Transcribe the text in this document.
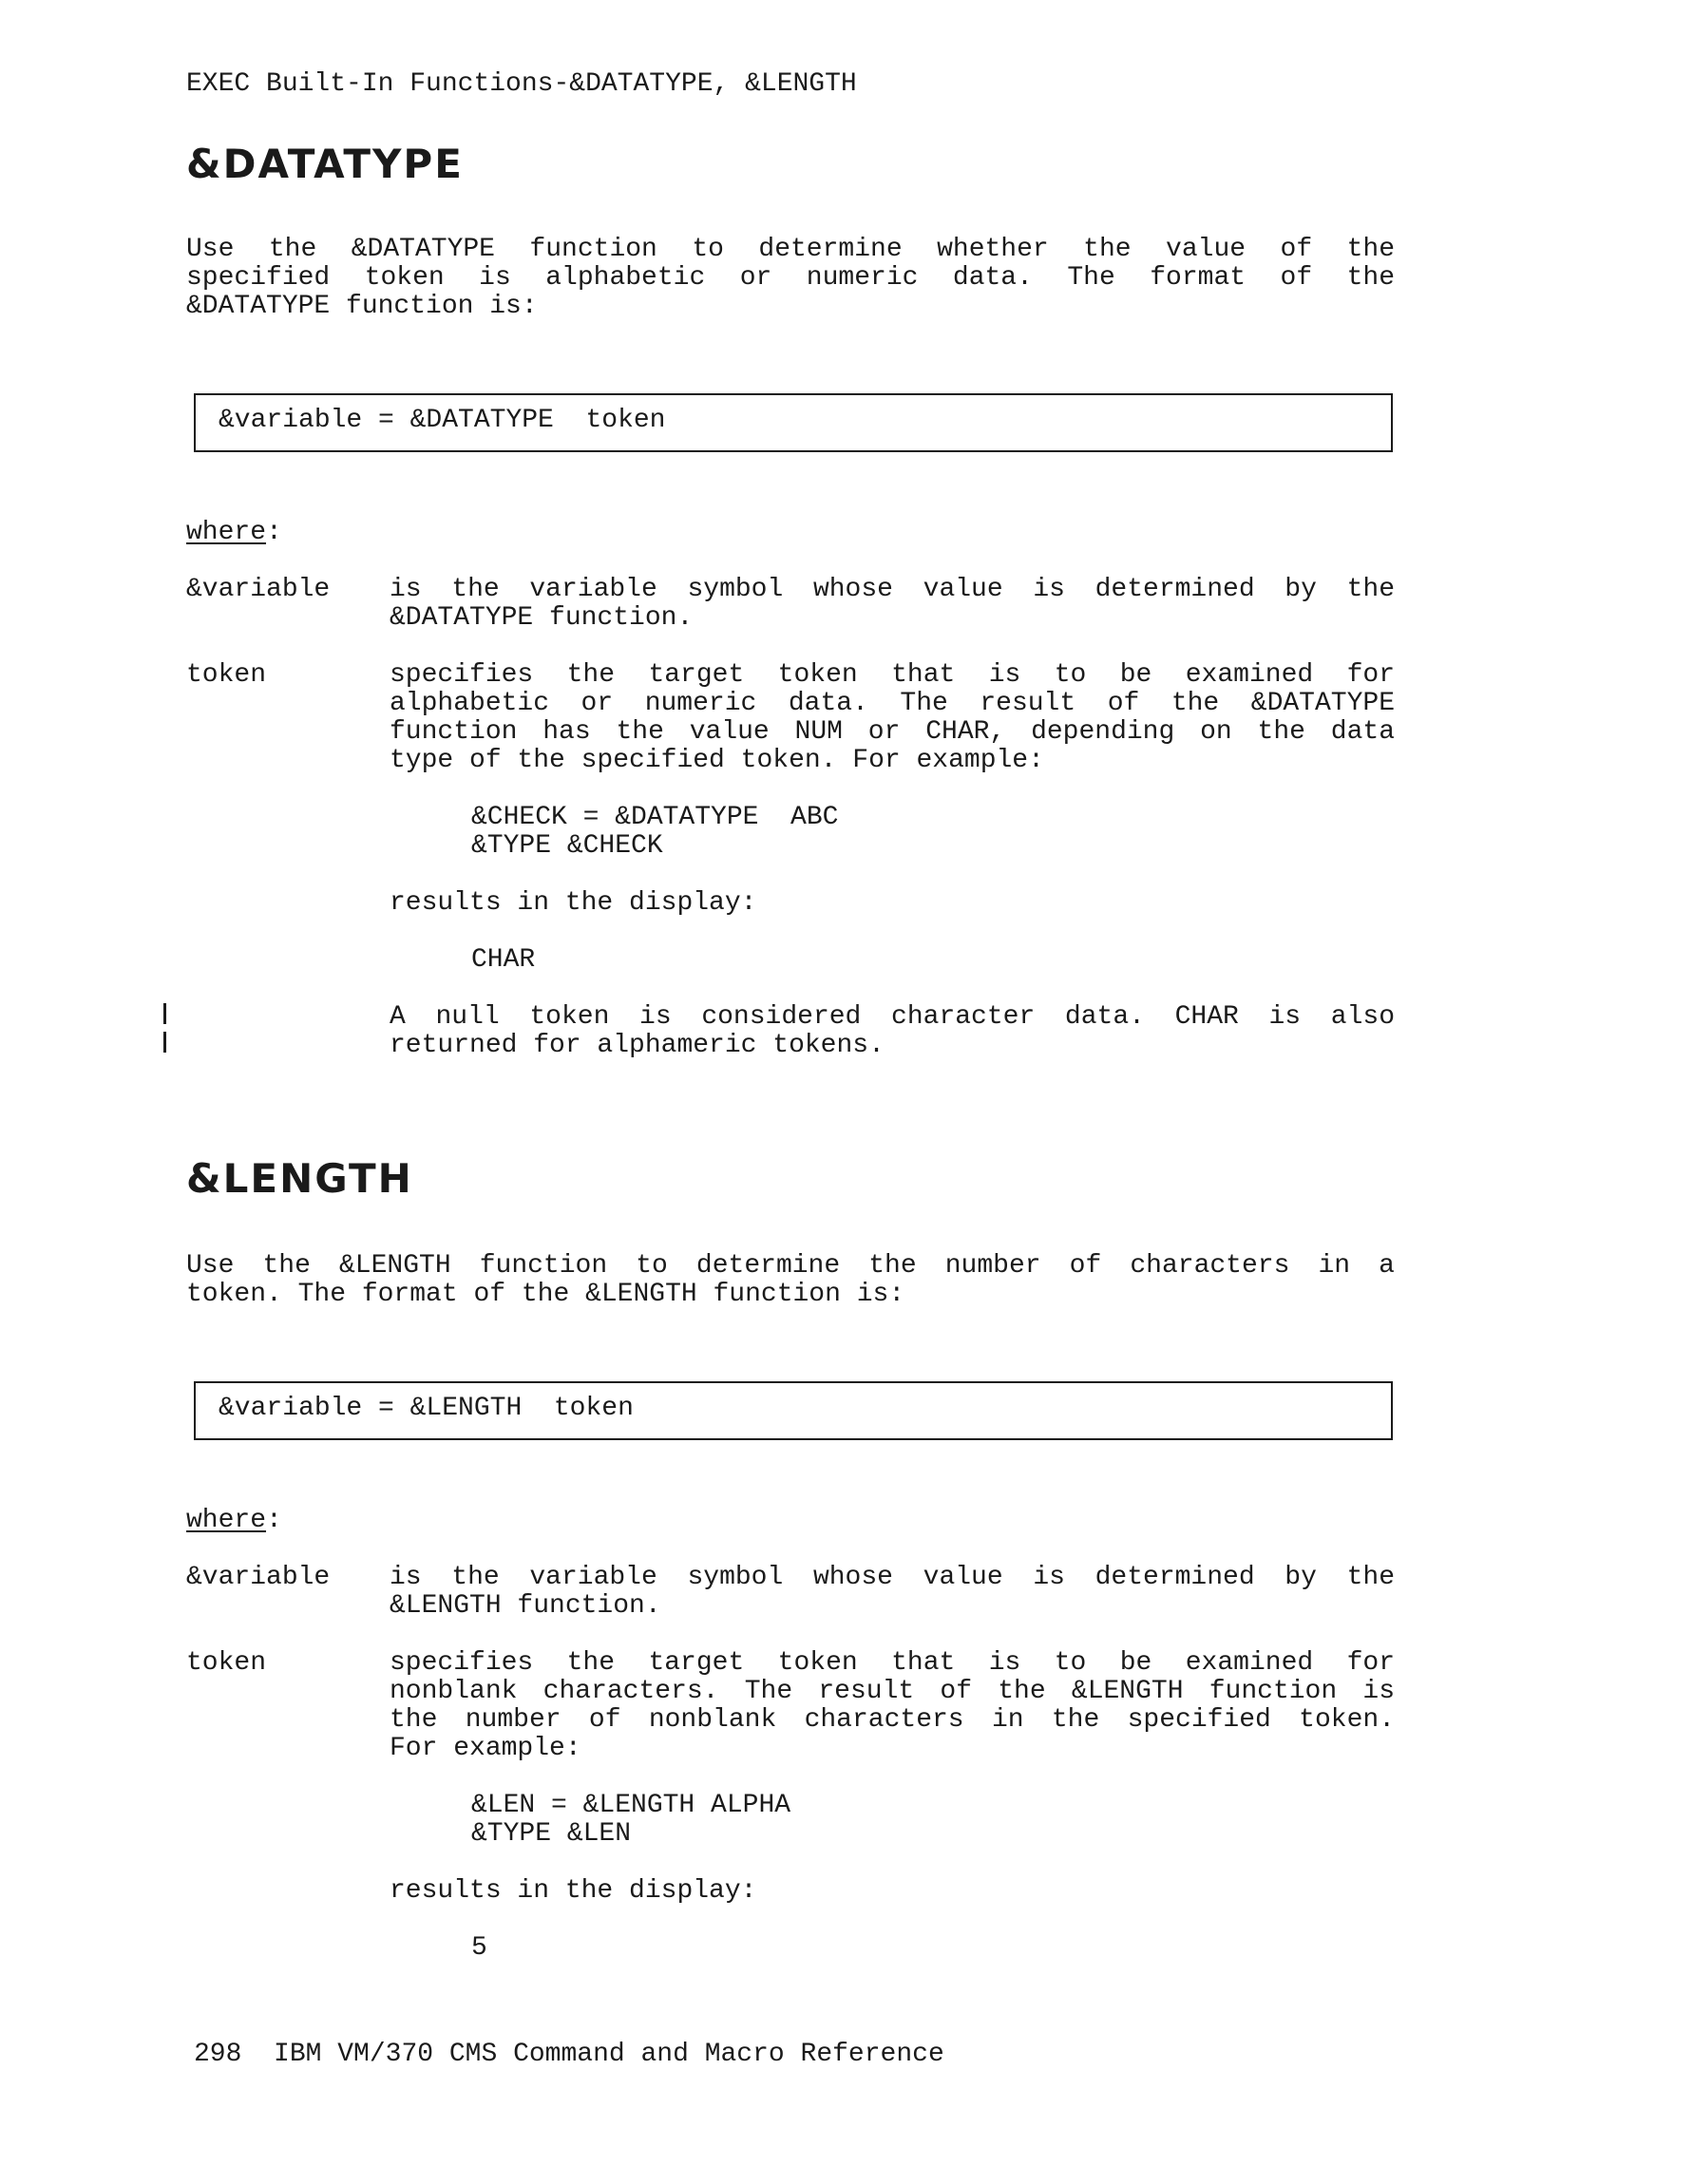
EXEC Built-In Functions-&DATATYPE, &LENGTH
&DATATYPE
Use the &DATATYPE function to determine whether the value of the
specified token is alphabetic or numeric data. The format of the
&DATATYPE function is:
&variable = &DATATYPE  token
where:
&variable is the variable symbol whose value is determined by the
&DATATYPE function.
token	specifies the target token that is to be examined for
alphabetic or numeric data. The result of the &DATATYPE
function has the value NUM or CHAR, depending on the data
type of the specified token. For example:
&CHECK = &DATATYPE  ABC
&TYPE &CHECK
results in the display:
CHAR
A null token is considered character data. CHAR is also
returned for alphameric tokens.
&LENGTH
Use the &LENGTH function to determine the number of characters in a
token. The format of the &LENGTH function is:
&variable = &LENGTH  token
where:
&variable is the variable symbol whose value is determined by the
&LENGTH function.
token	specifies the target token that is to be examined for
nonblank characters. The result of the &LENGTH function is
the number of nonblank characters in the specified token.
For example:
&LEN = &LENGTH ALPHA
&TYPE &LEN
results in the display:
5
298 IBM VM/370 CMS Command and Macro Reference
